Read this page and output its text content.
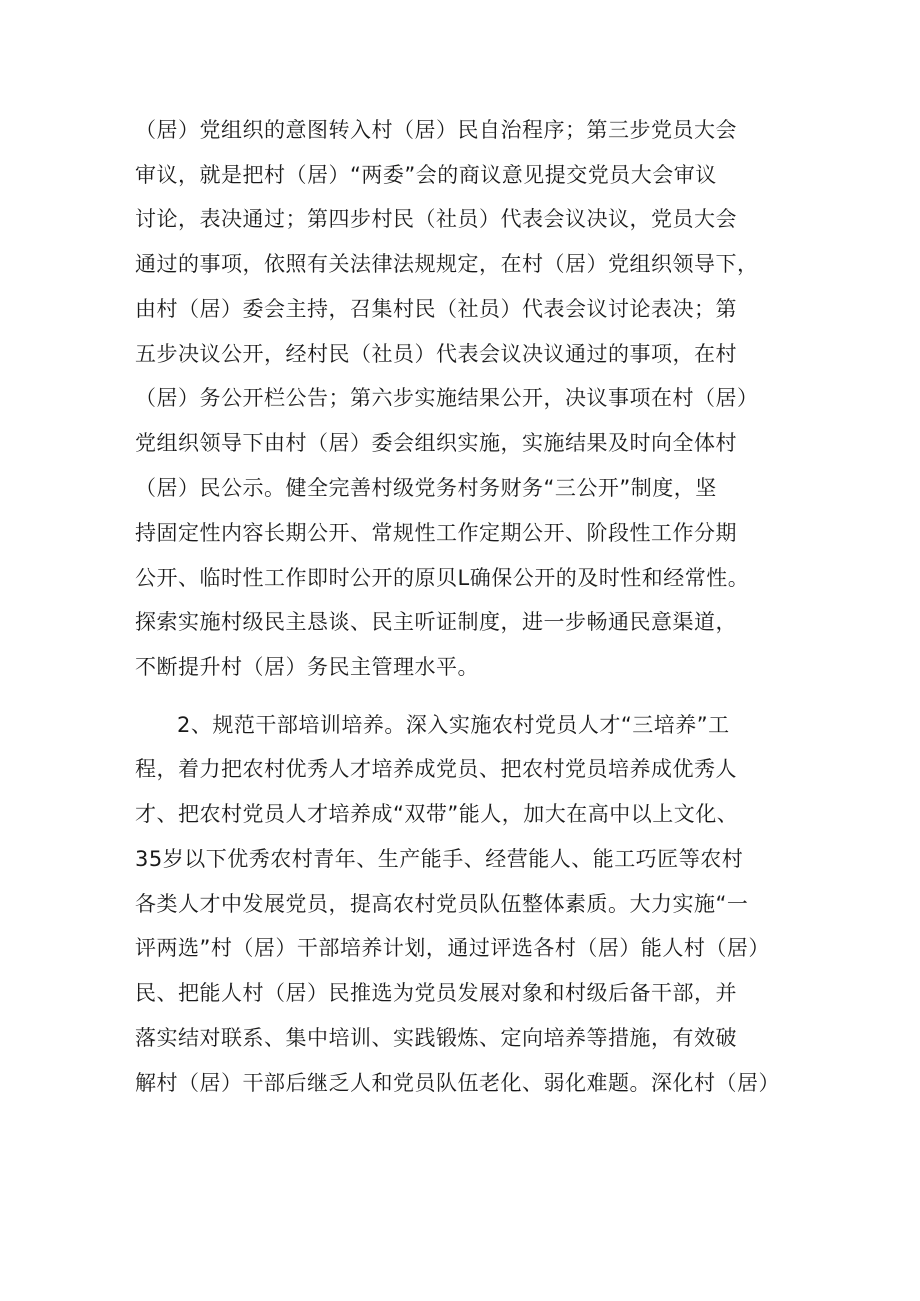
（居）党组织的意图转入村（居）民自治程序；第三步党员大会
审议，就是把村（居）“两委”会的商议意见提交党员大会审议
讨论，表决通过；第四步村民（社员）代表会议决议，党员大会
通过的事项，依照有关法律法规规定，在村（居）党组织领导下，
由村（居）委会主持，召集村民（社员）代表会议讨论表决；第
五步决议公开，经村民（社员）代表会议决议通过的事项，在村
（居）务公开栏公告；第六步实施结果公开，决议事项在村（居）
党组织领导下由村（居）委会组织实施，实施结果及时向全体村
（居）民公示。健全完善村级党务村务财务“三公开”制度，坚
持固定性内容长期公开、常规性工作定期公开、阶段性工作分期
公开、临时性工作即时公开的原贝L确保公开的及时性和经常性。
探索实施村级民主恳谈、民主听证制度，进一步畅通民意渠道，
不断提升村（居）务民主管理水平。
2、规范干部培训培养。深入实施农村党员人才“三培养”工
程，着力把农村优秀人才培养成党员、把农村党员培养成优秀人
才、把农村党员人才培养成“双带”能人，加大在高中以上文化、
35岁以下优秀农村青年、生产能手、经营能人、能工巧匠等农村
各类人才中发展党员，提高农村党员队伍整体素质。大力实施“一
评两选”村（居）干部培养计划，通过评选各村（居）能人村（居）
民、把能人村（居）民推选为党员发展对象和村级后备干部，并
落实结对联系、集中培训、实践锻炼、定向培养等措施，有效破
解村（居）干部后继乏人和党员队伍老化、弱化难题。深化村（居）
